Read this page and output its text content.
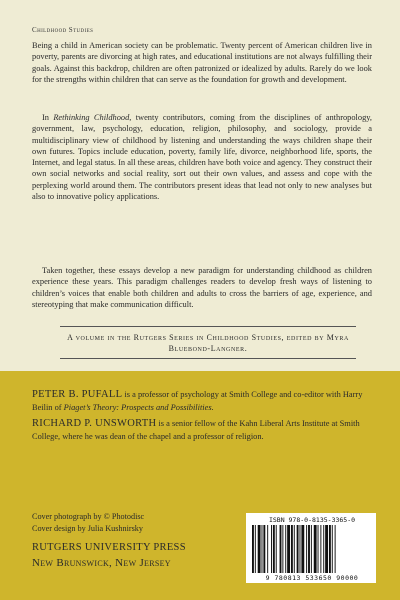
Childhood Studies

Being a child in American society can be problematic. Twenty percent of American children live in poverty, parents are divorcing at high rates, and educational institutions are not always fulfilling their goals. Against this backdrop, children are often patronized or idealized by adults. Rarely do we look for the strengths within children that can serve as the foundation for growth and development.

In Rethinking Childhood, twenty contributors, coming from the disciplines of anthropology, government, law, psychology, education, religion, philosophy, and sociology, provide a multidisciplinary view of childhood by listening and understanding the ways children shape their own futures. Topics include education, poverty, family life, divorce, neighborhood life, sports, the Internet, and legal status. In all these areas, children have both voice and agency. They construct their own social networks and social reality, sort out their own values, and assess and cope with the perplexing world around them. The contributors present ideas that lead not only to new analyses but also to innovative policy applications.

Taken together, these essays develop a new paradigm for understanding childhood as children experience these years. This paradigm challenges readers to develop fresh ways of listening to children’s voices that enable both children and adults to cross the barriers of age, experience, and stereotyping that make communication difficult.

A volume in the Rutgers Series in Childhood Studies, edited by Myra Bluebond-Langner.

PETER B. PUFALL is a professor of psychology at Smith College and co-editor with Harry Beilin of Piaget’s Theory: Prospects and Possibilities.

RICHARD P. UNSWORTH is a senior fellow of the Kahn Liberal Arts Institute at Smith College, where he was dean of the chapel and a professor of religion.

Cover photograph by © Photodisc
Cover design by Julia Kushnirsky
RUTGERS UNIVERSITY PRESS
New Brunswick, New Jersey
ISBN 978-0-8135-3365-0
9 780813 533650 90000
